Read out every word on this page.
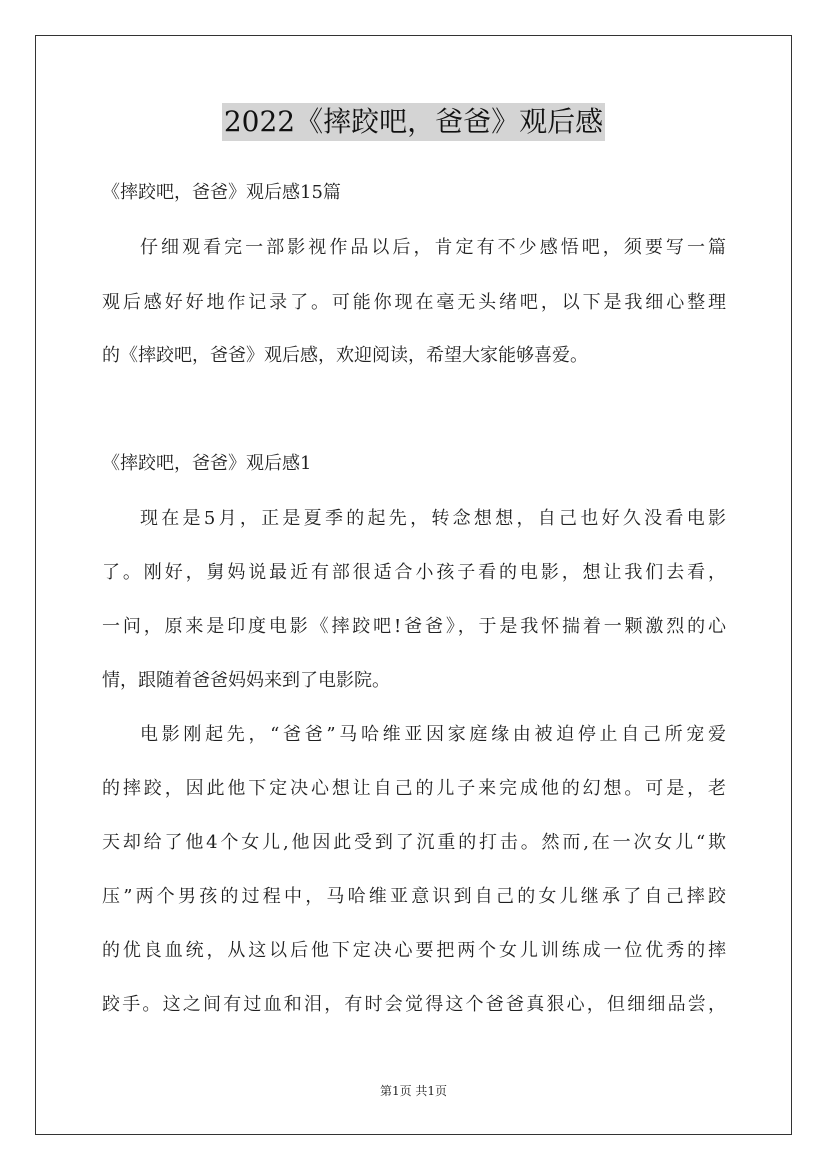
2022《摔跤吧，爸爸》观后感
《摔跤吧，爸爸》观后感15篇
仔细观看完一部影视作品以后，肯定有不少感悟吧，须要写一篇
观后感好好地作记录了。可能你现在毫无头绪吧，以下是我细心整理
的《摔跤吧，爸爸》观后感，欢迎阅读，希望大家能够喜爱。
《摔跤吧，爸爸》观后感1
现在是5月，正是夏季的起先，转念想想，自己也好久没看电影
了。刚好，舅妈说最近有部很适合小孩子看的电影，想让我们去看，
一问，原来是印度电影《摔跤吧!爸爸》，于是我怀揣着一颗激烈的心
情，跟随着爸爸妈妈来到了电影院。
电影刚起先，“爸爸”马哈维亚因家庭缘由被迫停止自己所宠爱
的摔跤，因此他下定决心想让自己的儿子来完成他的幻想。可是，老
天却给了他4个女儿,他因此受到了沉重的打击。然而,在一次女儿“欺
压”两个男孩的过程中，马哈维亚意识到自己的女儿继承了自己摔跤
的优良血统，从这以后他下定决心要把两个女儿训练成一位优秀的摔
跤手。这之间有过血和泪，有时会觉得这个爸爸真狠心，但细细品尝，
第1页 共1页
